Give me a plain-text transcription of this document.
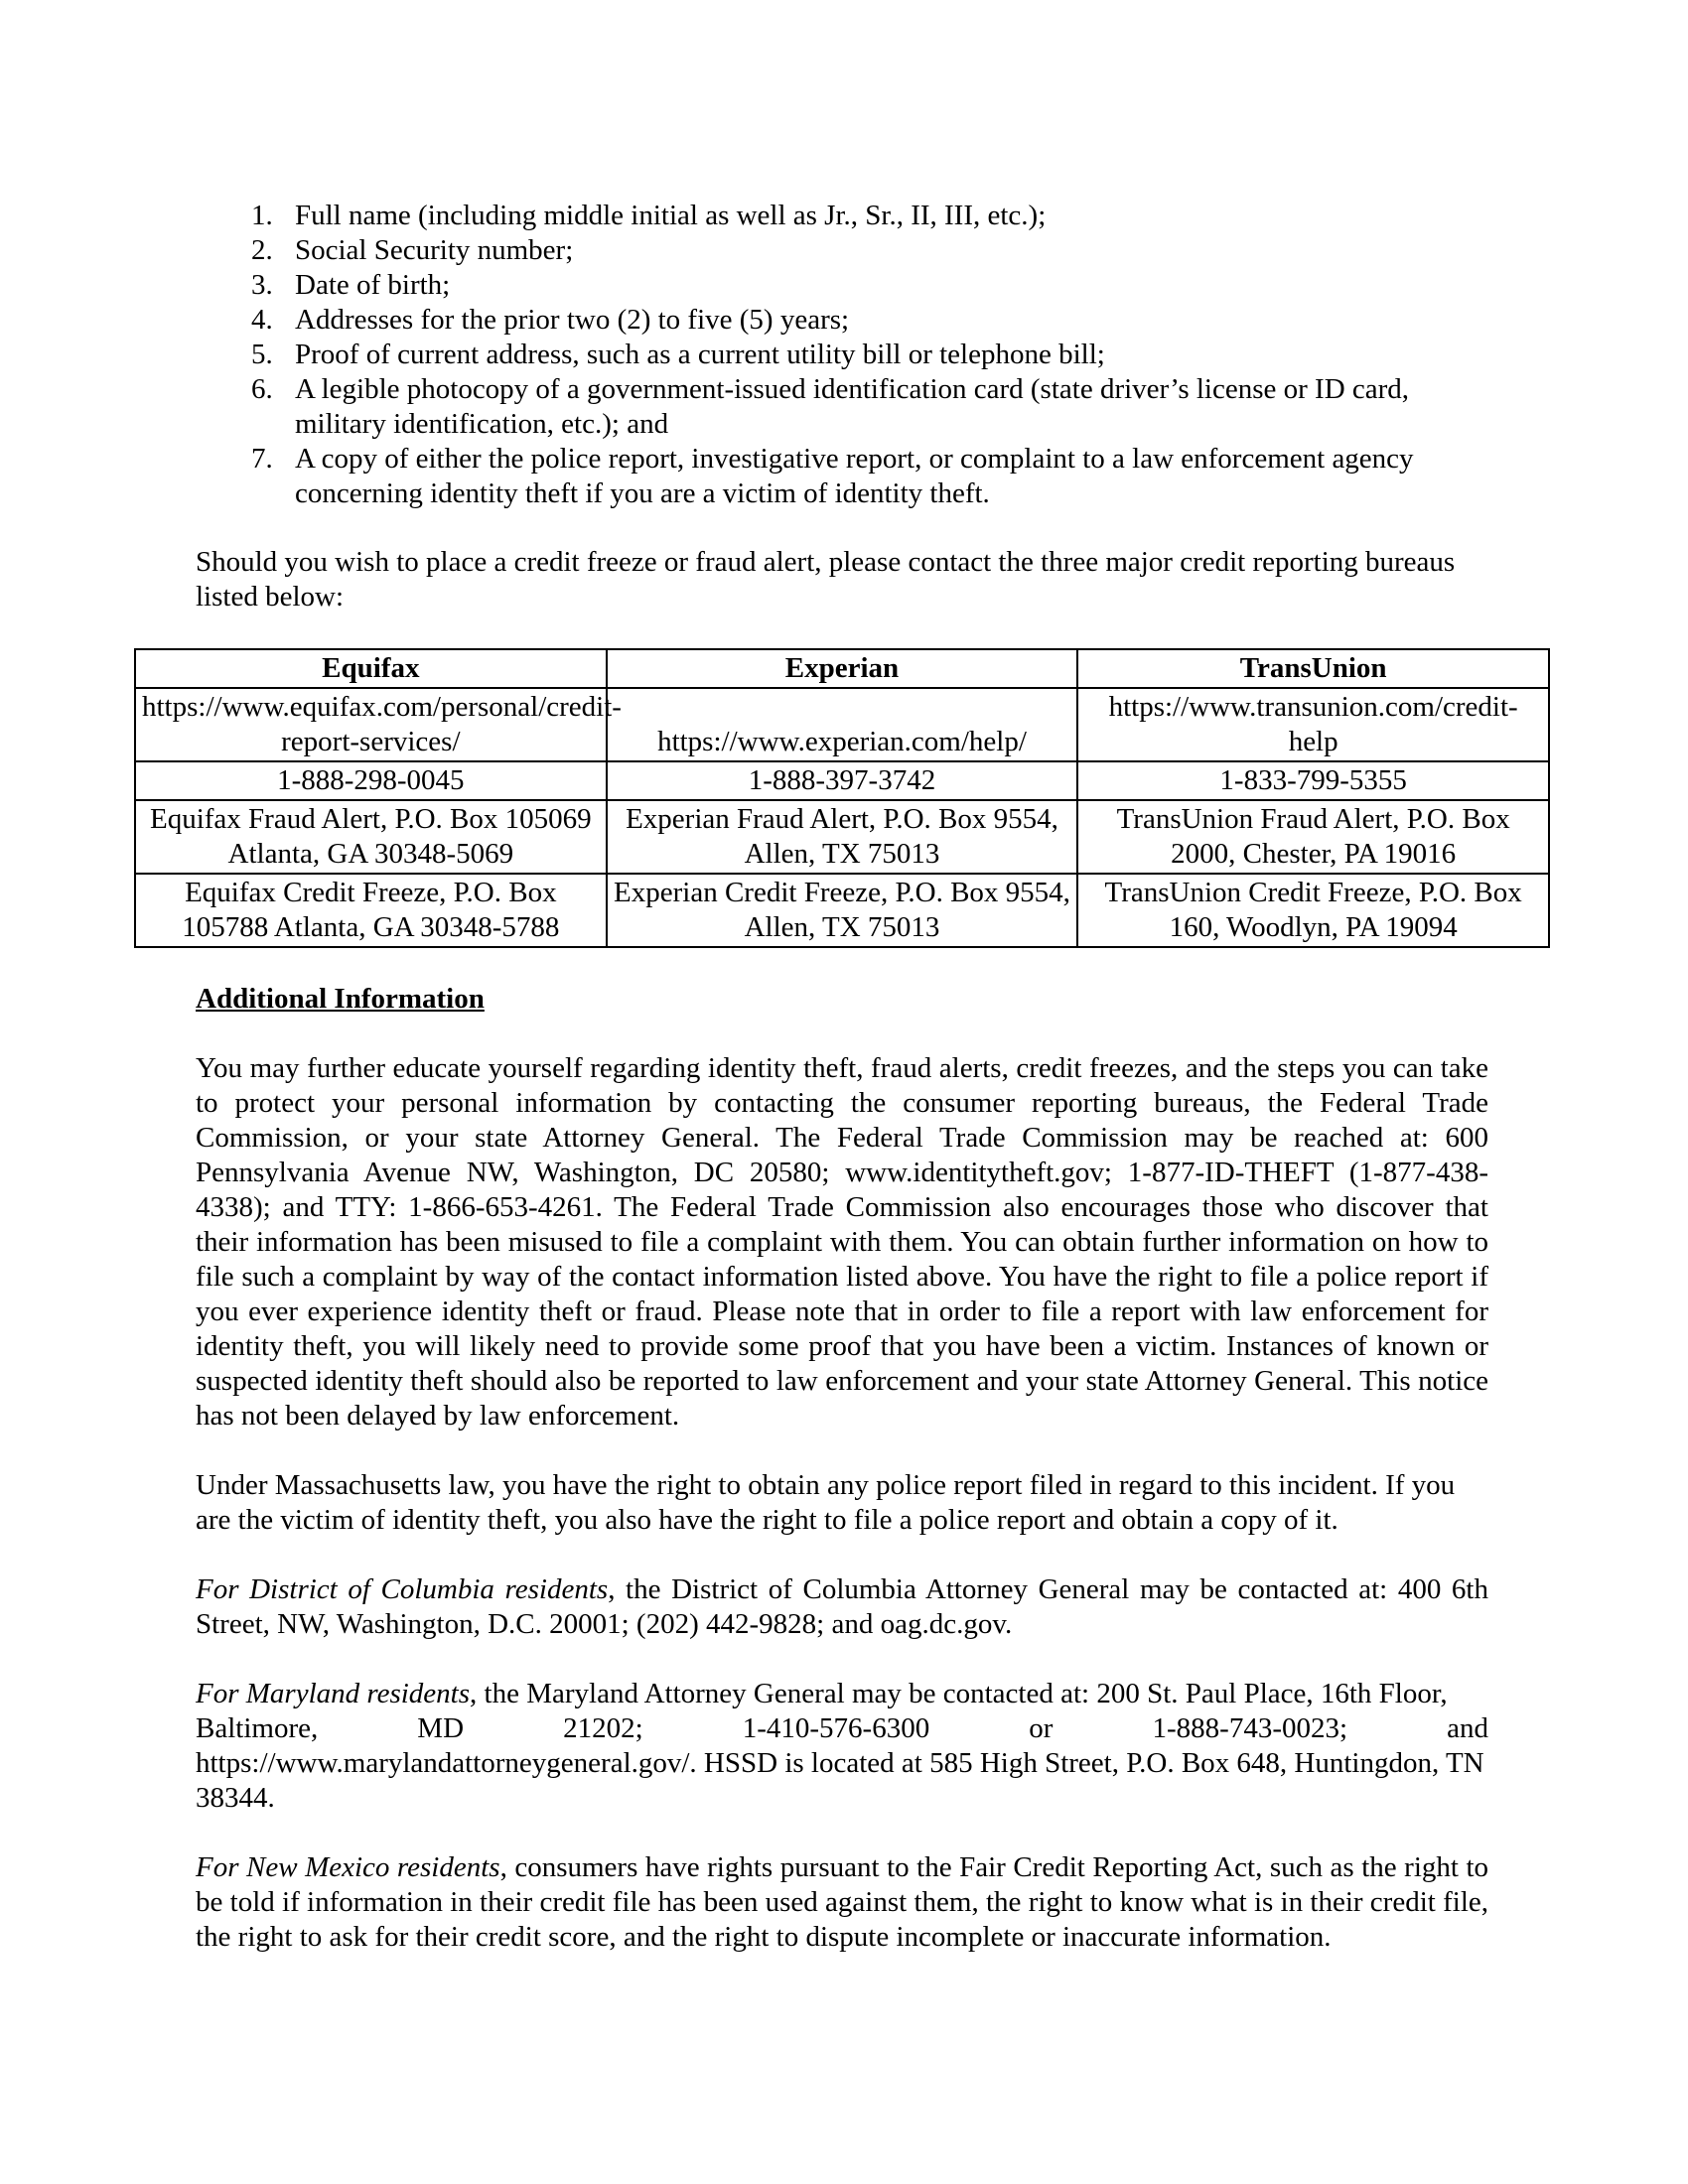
1. Full name (including middle initial as well as Jr., Sr., II, III, etc.);
2. Social Security number;
3. Date of birth;
4. Addresses for the prior two (2) to five (5) years;
5. Proof of current address, such as a current utility bill or telephone bill;
6. A legible photocopy of a government-issued identification card (state driver’s license or ID card, military identification, etc.); and
7. A copy of either the police report, investigative report, or complaint to a law enforcement agency concerning identity theft if you are a victim of identity theft.

Should you wish to place a credit freeze or fraud alert, please contact the three major credit reporting bureaus listed below:

Equifax	Experian	TransUnion
https://www.equifax.com/personal/credit-report-services/	https://www.experian.com/help/	https://www.transunion.com/credit-help
1-888-298-0045	1-888-397-3742	1-833-799-5355
Equifax Fraud Alert, P.O. Box 105069 Atlanta, GA 30348-5069	Experian Fraud Alert, P.O. Box 9554, Allen, TX 75013	TransUnion Fraud Alert, P.O. Box 2000, Chester, PA 19016
Equifax Credit Freeze, P.O. Box 105788 Atlanta, GA 30348-5788	Experian Credit Freeze, P.O. Box 9554, Allen, TX 75013	TransUnion Credit Freeze, P.O. Box 160, Woodlyn, PA 19094

Additional Information

You may further educate yourself regarding identity theft, fraud alerts, credit freezes, and the steps you can take to protect your personal information by contacting the consumer reporting bureaus, the Federal Trade Commission, or your state Attorney General. The Federal Trade Commission may be reached at: 600 Pennsylvania Avenue NW, Washington, DC 20580; www.identitytheft.gov; 1-877-ID-THEFT (1-877-438-4338); and TTY: 1-866-653-4261. The Federal Trade Commission also encourages those who discover that their information has been misused to file a complaint with them. You can obtain further information on how to file such a complaint by way of the contact information listed above. You have the right to file a police report if you ever experience identity theft or fraud. Please note that in order to file a report with law enforcement for identity theft, you will likely need to provide some proof that you have been a victim. Instances of known or suspected identity theft should also be reported to law enforcement and your state Attorney General. This notice has not been delayed by law enforcement.

Under Massachusetts law, you have the right to obtain any police report filed in regard to this incident. If you are the victim of identity theft, you also have the right to file a police report and obtain a copy of it.

For District of Columbia residents, the District of Columbia Attorney General may be contacted at: 400 6th Street, NW, Washington, D.C. 20001; (202) 442-9828; and oag.dc.gov.

For Maryland residents, the Maryland Attorney General may be contacted at: 200 St. Paul Place, 16th Floor,
Baltimore,	MD	21202;	1-410-576-6300	or	1-888-743-0023;	and
https://www.marylandattorneygeneral.gov/. HSSD is located at 585 High Street, P.O. Box 648, Huntingdon, TN 38344.

For New Mexico residents, consumers have rights pursuant to the Fair Credit Reporting Act, such as the right to be told if information in their credit file has been used against them, the right to know what is in their credit file, the right to ask for their credit score, and the right to dispute incomplete or inaccurate information.
